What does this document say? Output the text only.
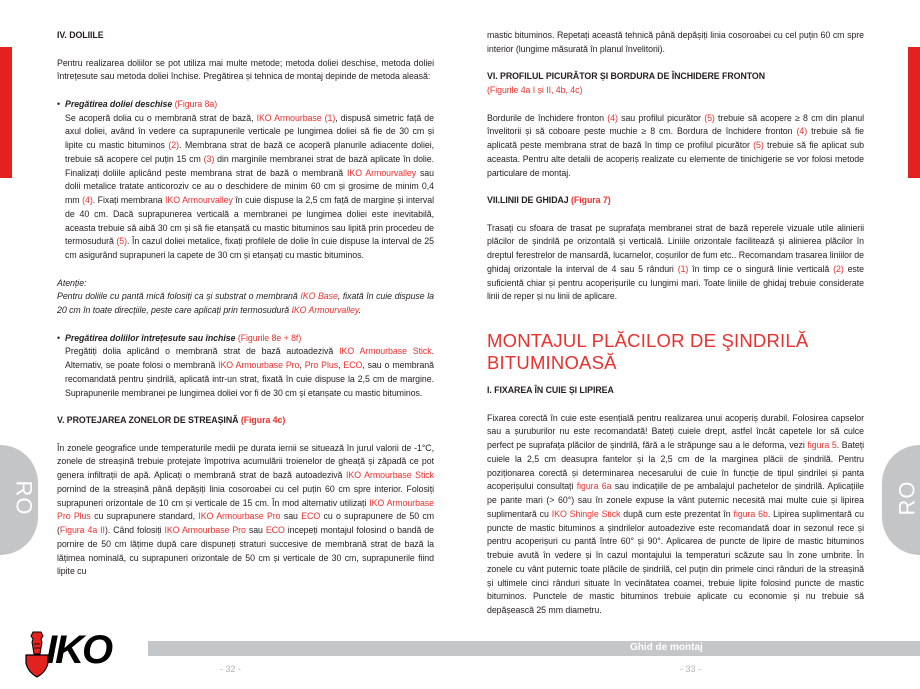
RO	RO
IV. DOLIILE
Pentru realizarea doliilor se pot utiliza mai multe metode; metoda doliei deschise, metoda doliei întrețesute sau metoda doliei închise. Pregătirea și tehnica de montaj depinde de metoda aleasă:
• Pregătirea doliei deschise (Figura 8a)
Se acoperă dolia cu o membrană strat de bază, IKO Armourbase (1), dispusă simetric față de axul doliei, având în vedere ca suprapunerile verticale pe lungimea doliei să fie de 30 cm și lipite cu mastic bituminos (2). Membrana strat de bază ce acoperă planurile adiacente doliei, trebuie să acopere cel puțin 15 cm (3) din marginile membranei strat de bază aplicate în dolie. Finalizați doliile aplicând peste membrana strat de bază o membrană IKO Armourvalley sau dolii metalice tratate anticoroziv ce au o deschidere de minim 60 cm și grosime de minim 0,4 mm (4). Fixați membrana IKO Armourvalley în cuie dispuse la 2,5 cm față de margine și interval de 40 cm. Dacă suprapunerea verticală a membranei pe lungimea doliei este inevitabilă, aceasta trebuie să aibă 30 cm și să fie etanșată cu mastic bituminos sau lipită prin procedeu de termosudură (5). În cazul doliei metalice, fixați profilele de dolie în cuie dispuse la interval de 25 cm asigurând suprapuneri la capete de 30 cm și etanșați cu mastic bituminos.
Atenție:
Pentru doliile cu pantă mică folosiți ca și substrat o membrană IKO Base, fixată în cuie dispuse la 20 cm în toate direcțiile, peste care aplicați prin termosudură IKO Armourvalley.
• Pregătirea doliilor întrețesute sau închise (Figurile 8e + 8f)
Pregătiți dolia aplicând o membrană strat de bază autoadezivă IKO Armourbase Stick. Alternativ, se poate folosi o membrană IKO Armourbase Pro, Pro Plus, ECO, sau o membrană recomandată pentru șindrilă, aplicată intr-un strat, fixată în cuie dispuse la 2,5 cm de margine. Suprapunerile membranei pe lungimea doliei vor fi de 30 cm și etanșate cu mastic bituminos.
V. PROTEJAREA ZONELOR DE STREAȘINĂ (Figura 4c)
În zonele geografice unde temperaturile medii pe durata iernii se situează în jurul valorii de -1°C, zonele de streașină trebuie protejate împotriva acumulării troienelor de gheață și zăpadă ce pot genera infiltrații de apă. Aplicați o membrană strat de bază autoadezivă IKO Armourbase Stick pornind de la streașină până depășiți linia cosoroabei cu cel puțin 60 cm spre interior. Folosiți suprapuneri orizontale de 10 cm și verticale de 15 cm. În mod alternativ utilizați IKO Armourbase Pro Plus cu suprapunere standard, IKO Armourbase Pro sau ECO cu o suprapunere de 50 cm (Figura 4a II). Când folosiți IKO Armourbase Pro sau ECO incepeți montajul folosind o bandă de pornire de 50 cm lățime după care dispuneți straturi succesive de membrană strat de bază la lățimea nominală, cu suprapuneri orizontale de 50 cm și verticale de 30 cm, suprapunerile fiind lipite cu
mastic bituminos. Repetați această tehnică până depășiți linia cosoroabei cu cel puțin 60 cm spre interior (lungime măsurată în planul învelitorii).
VI. PROFILUL PICURĂTOR ȘI BORDURA DE ÎNCHIDERE FRONTON
(Figurile 4a I și II, 4b, 4c)
Bordurile de închidere fronton (4) sau profilul picurător (5) trebuie să acopere ≥ 8 cm din planul învelitorii și să coboare peste muchie ≥ 8 cm. Bordura de închidere fronton (4) trebuie să fie aplicată peste membrana strat de bază în timp ce profilul picurător (5) trebuie să fie aplicat sub aceasta. Pentru alte detalii de acoperiș realizate cu elemente de tinichigerie se vor folosi metode particulare de montaj.
VII.LINII DE GHIDAJ (Figura 7)
Trasați cu sfoara de trasat pe suprafața membranei strat de bază reperele vizuale utile alinierii plăcilor de șindrilă pe orizontală și verticală. Liniile orizontale facilitează și alinierea plăcilor în dreptul ferestrelor de mansardă, lucarnelor, coșurilor de fum etc.. Recomandam trasarea liniilor de ghidaj orizontale la interval de 4 sau 5 rânduri (1) în timp ce o singură linie verticală (2) este suficientă chiar și pentru acoperișurile cu lungimi mari. Toate liniile de ghidaj trebuie considerate linii de reper și nu linii de aplicare.
MONTAJUL PLĂCILOR DE ŞINDRILĂ BITUMINOASĂ
I. FIXAREA ÎN CUIE ȘI LIPIREA
Fixarea corectă în cuie este esențială pentru realizarea unui acoperiș durabil. Folosirea capselor sau a șuruburilor nu este recomandată! Bateți cuiele drept, astfel încât capetele lor să culce perfect pe suprafața plăcilor de șindrilă, fără a le străpunge sau a le deforma, vezi figura 5. Bateți cuiele la 2,5 cm deasupra fantelor și la 2,5 cm de la marginea plăcii de șindrilă. Pentru poziționarea corectă și determinarea necesarului de cuie în funcție de tipul șindrilei și panta acoperișului consultați figura 6a sau indicațiile de pe ambalajul pachetelor de șindrilă. Aplicațiile pe pante mari (> 60°) sau în zonele expuse la vânt puternic necesită mai multe cuie și lipirea suplimentară cu IKO Shingle Stick după cum este prezentat în figura 6b. Lipirea suplimentară cu puncte de mastic bituminos a șindrilelor autoadezive este recomandată doar in sezonul rece și pentru acoperișuri cu pantă între 60° și 90°. Aplicarea de puncte de lipire de mastic bituminos trebuie avută în vedere și în cazul montajului la temperaturi scăzute sau în zone umbrite. În zonele cu vânt puternic toate plăcile de șindrilă, cel puțin din primele cinci rânduri de la streașină și ultimele cinci rânduri situate în vecinătatea coamei, trebuie lipite folosind puncte de mastic bituminos. Punctele de mastic bituminos trebuie aplicate cu economie și nu trebuie să depășească 25 mm diametru.
Ghid de montaj
IKO	- 32 -	- 33 -
